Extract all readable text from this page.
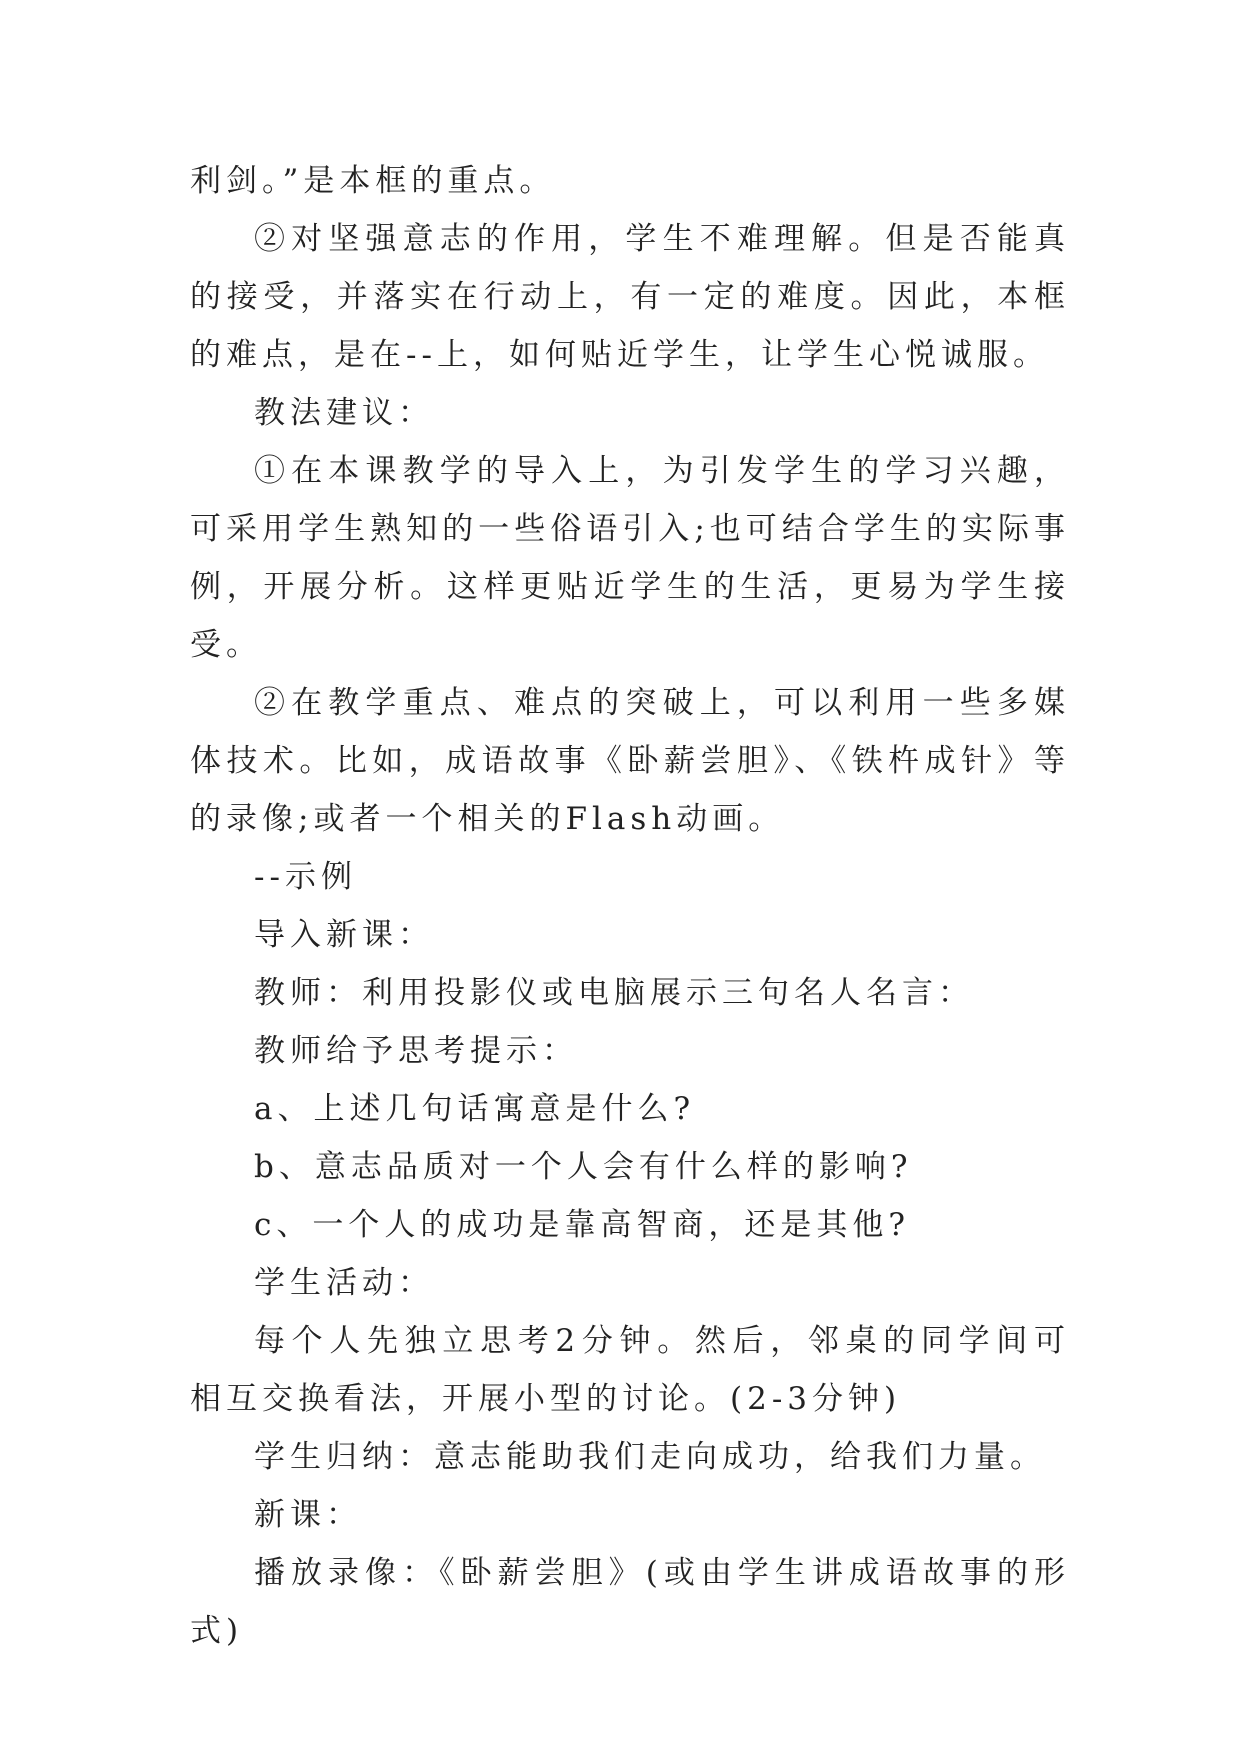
利剑。”是本框的重点。

②对坚强意志的作用，学生不难理解。但是否能真的接受，并落实在行动上，有一定的难度。因此，本框的难点，是在--上，如何贴近学生，让学生心悦诚服。

教法建议：

①在本课教学的导入上，为引发学生的学习兴趣，可采用学生熟知的一些俗语引入;也可结合学生的实际事例，开展分析。这样更贴近学生的生活，更易为学生接受。

②在教学重点、难点的突破上，可以利用一些多媒体技术。比如，成语故事《卧薪尝胆》、《铁杵成针》等的录像;或者一个相关的Flash动画。

--示例

导入新课：

教师：利用投影仪或电脑展示三句名人名言：

教师给予思考提示：

a、上述几句话寓意是什么?

b、意志品质对一个人会有什么样的影响?

c、一个人的成功是靠高智商，还是其他?

学生活动：

每个人先独立思考2分钟。然后，邻桌的同学间可相互交换看法，开展小型的讨论。(2-3分钟)

学生归纳：意志能助我们走向成功，给我们力量。

新课：

播放录像：《卧薪尝胆》(或由学生讲成语故事的形式)
